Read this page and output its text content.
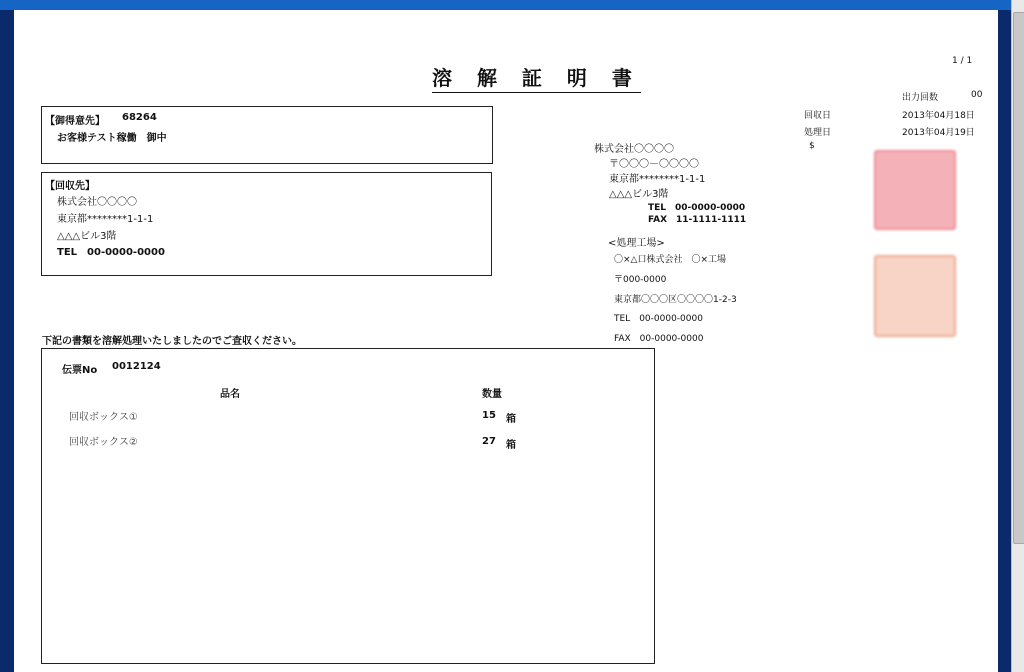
溶 解 証 明 書
1 / 1
出力回数	00
回収日	2013年04月18日
処理日	2013年04月19日
$
【御得意先】 68264
お客様テスト稼働　御中
【回収先】
株式会社〇〇〇〇
東京都********1-1-1
△△△ビル3階
TEL　00-0000-0000
株式会社〇〇〇〇
〒〇〇〇－〇〇〇〇
東京都********1-1-1
△△△ビル3階
TEL　00-0000-0000
FAX　11-1111-1111
<処理工場>
〇×△口株式会社　〇×工場
〒000-0000
東京都〇〇〇区〇〇〇〇1-2-3
TEL　00-0000-0000
FAX　00-0000-0000
下記の書類を溶解処理いたしましたのでご査収ください。
伝票No 0012124
品名	数量
回収ボックス①	15 箱
回収ボックス②	27 箱
